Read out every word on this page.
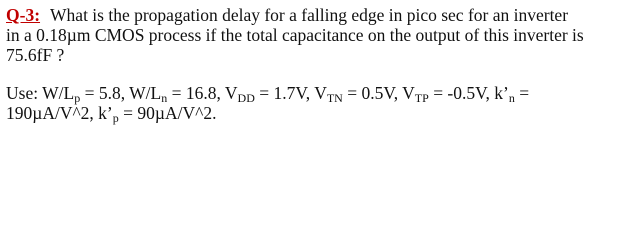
Q-3: What is the propagation delay for a falling edge in pico sec for an inverter
in a 0.18µm CMOS process if the total capacitance on the output of this inverter is
75.6fF ?

Use: $W/L_p = 5.8$, $W/L_n = 16.8$, $V_{DD} = 1.7V$, $V_{TN} = 0.5V$, $V_{TP} = -0.5V$, $k’_n$ =
190µA/V^2, $k’_p$ = 90µA/V^2.
